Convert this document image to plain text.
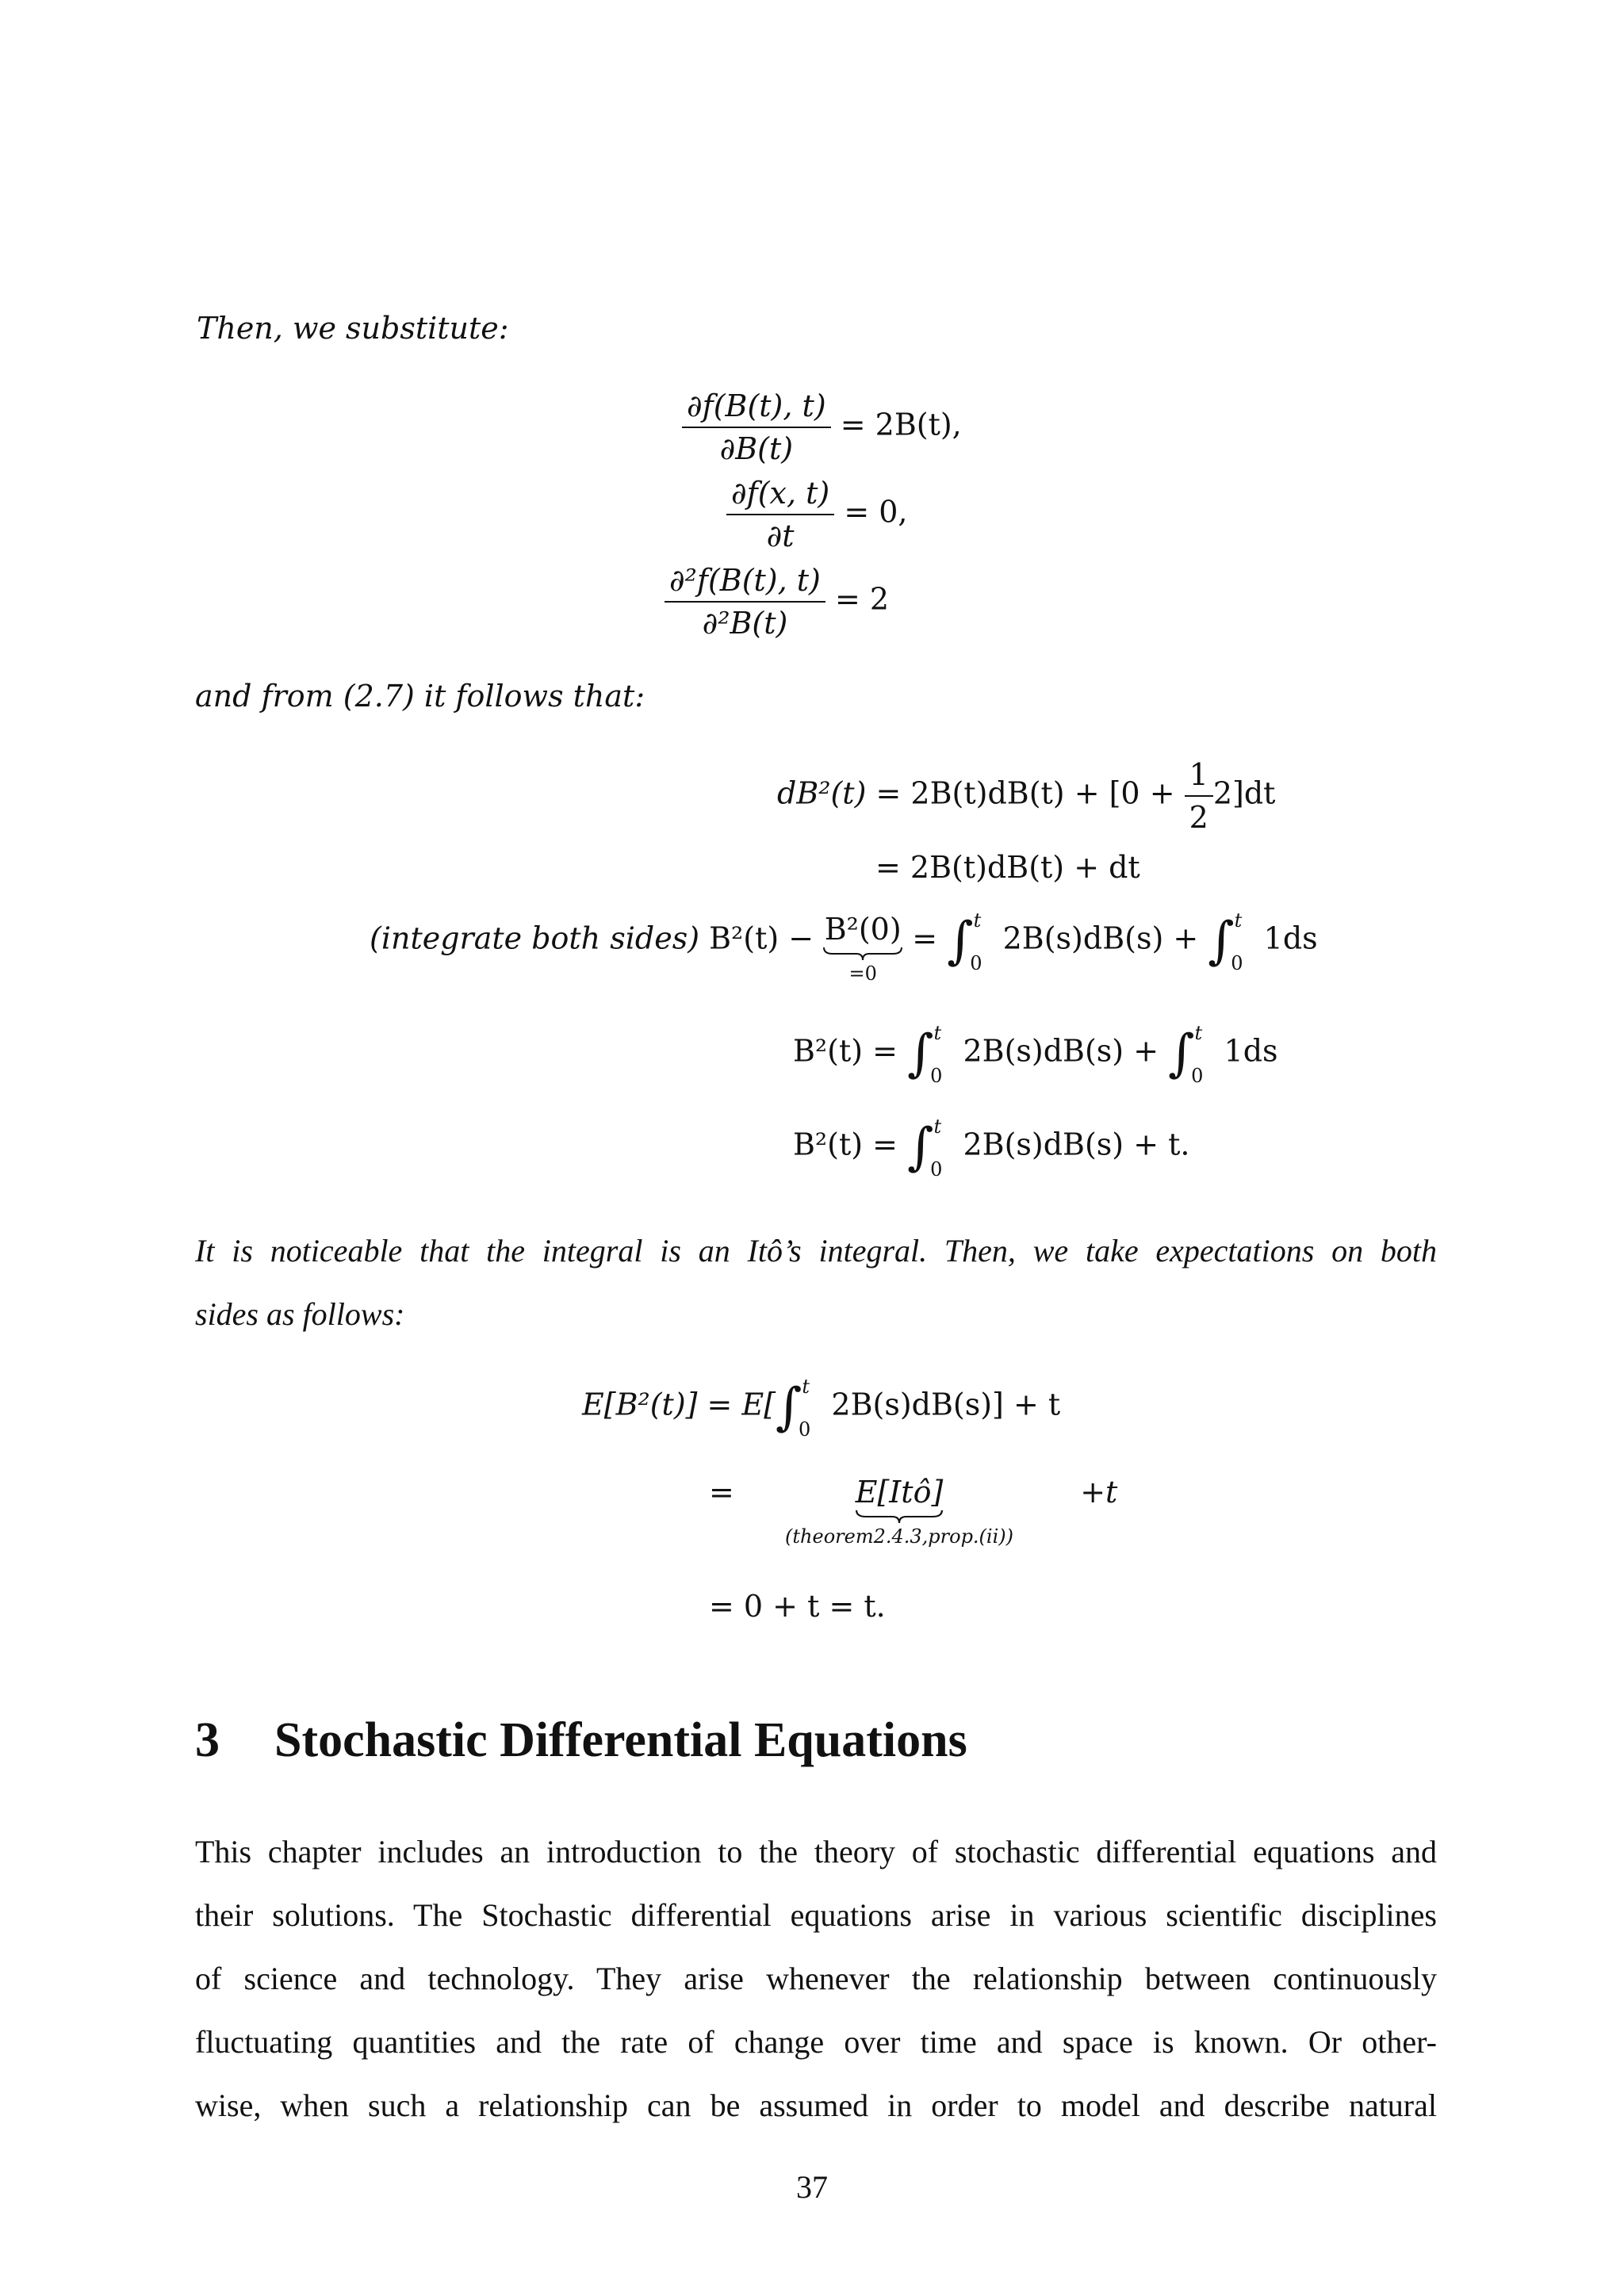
Then, we substitute:
$\frac{\partial f(B(t), t)}{\partial B(t)} = 2B(t)$,
$\frac{\partial f(x, t)}{\partial t} = 0$,
$\frac{\text{∂²f(B(t), t)}}{\text{∂²B(t)}} = 2$
and from (2.7) it follows that:
$dB^2(t) = 2B(t)dB(t) + [0 + \frac{1}{2} 2]dt$
= 2B(t)dB(t) + dt
(integrate both sides) B²(t) − B²(0)
=0
= ∫$^t_0$ 2B(s)dB(s) + ∫$^t_0$ 1ds
B²(t) = ∫$^t_0$ 2B(s)dB(s) + ∫$^t_0$ 1ds
B²(t) = ∫$^t_0$ 2B(s)dB(s) + t.
It is noticeable that the integral is an Itô’s integral. Then, we take expectations on both
sides as follows:
E[B²(t)] = E[∫$^t_0$ 2B(s)dB(s)] + t
=	E[Itô]
(theorem2.4.3,prop.(ii))
+t
= 0 + t = t.
3 Stochastic Differential Equations
This chapter includes an introduction to the theory of stochastic differential equations and
their solutions. The Stochastic differential equations arise in various scientific disciplines
of science and technology. They arise whenever the relationship between continuously
fluctuating quantities and the rate of change over time and space is known. Or other-
wise, when such a relationship can be assumed in order to model and describe natural
37
